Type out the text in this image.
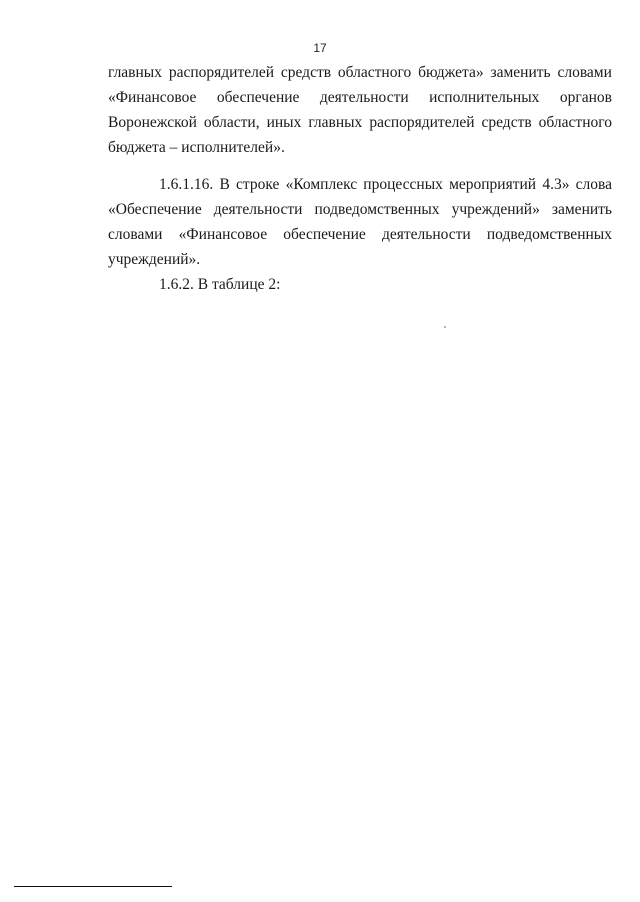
17
главных распорядителей средств областного бюджета» заменить словами
«Финансовое обеспечение деятельности исполнительных органов
Воронежской области, иных главных распорядителей средств областного
бюджета – исполнителей».
1.6.1.16. В строке «Комплекс процессных мероприятий 4.3» слова
«Обеспечение деятельности подведомственных учреждений» заменить
словами «Финансовое обеспечение деятельности подведомственных
учреждений».
1.6.2. В таблице 2:
